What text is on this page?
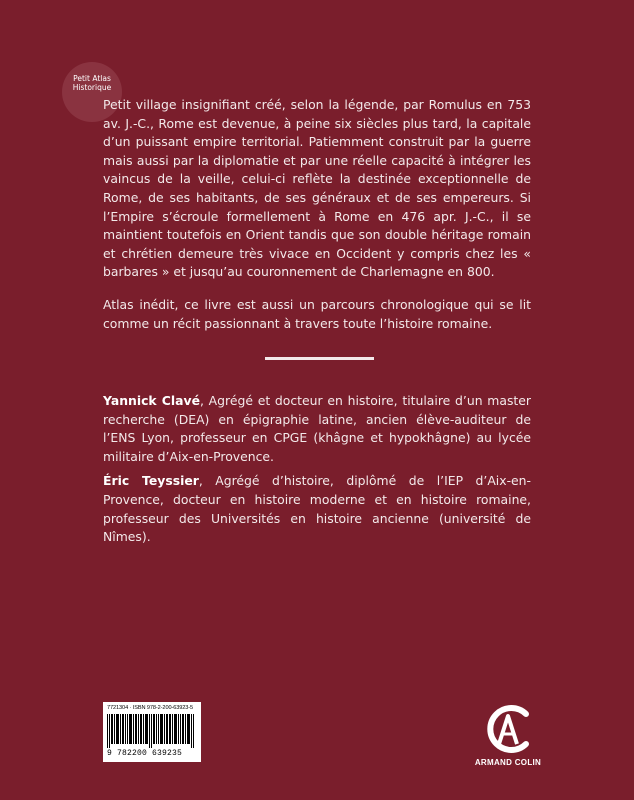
Petit Atlas
Historique

Petit village insignifiant créé, selon la légende, par Romulus en 753 av. J.-C., Rome est devenue, à peine six siècles plus tard, la capitale d’un puissant empire territorial. Patiemment construit par la guerre mais aussi par la diplomatie et par une réelle capacité à intégrer les vaincus de la veille, celui-ci reflète la destinée exceptionnelle de Rome, de ses habitants, de ses généraux et de ses empereurs. Si l’Empire s’écroule formellement à Rome en 476 apr. J.-C., il se maintient toutefois en Orient tandis que son double héritage romain et chrétien demeure très vivace en Occident y compris chez les « barbares » et jusqu’au couronnement de Charlemagne en 800.

Atlas inédit, ce livre est aussi un parcours chronologique qui se lit comme un récit passionnant à travers toute l’histoire romaine.

Yannick Clavé, Agrégé et docteur en histoire, titulaire d’un master recherche (DEA) en épigraphie latine, ancien élève-auditeur de l’ENS Lyon, professeur en CPGE (khâgne et hypokhâgne) au lycée militaire d’Aix-en-Provence.

Éric Teyssier, Agrégé d’histoire, diplômé de l’IEP d’Aix-en-Provence, docteur en histoire moderne et en histoire romaine, professeur des Universités en histoire ancienne (université de Nîmes).

7721304 · ISBN 978-2-200-63923-5
9 782200 639235
ARMAND COLIN
